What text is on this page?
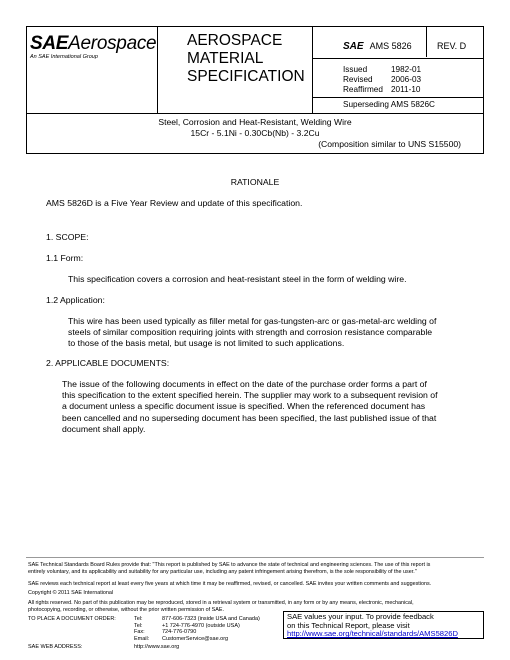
SAEAerospace
An SAE International Group
AEROSPACE
MATERIAL
SPECIFICATION
SAE AMS 5826	REV. D
Issued	1982-01
Revised	2006-03
Reaffirmed	2011-10
Superseding AMS 5826C
Steel, Corrosion and Heat-Resistant, Welding Wire
15Cr - 5.1Ni - 0.30Cb(Nb) - 3.2Cu
(Composition similar to UNS S15500)
RATIONALE
AMS 5826D is a Five Year Review and update of this specification.
1. SCOPE:
1.1 Form:
This specification covers a corrosion and heat-resistant steel in the form of welding wire.
1.2 Application:
This wire has been used typically as filler metal for gas-tungsten-arc or gas-metal-arc welding of
steels of similar composition requiring joints with strength and corrosion resistance comparable
to those of the basis metal, but usage is not limited to such applications.
2. APPLICABLE DOCUMENTS:
The issue of the following documents in effect on the date of the purchase order forms a part of
this specification to the extent specified herein. The supplier may work to a subsequent revision of
a document unless a specific document issue is specified. When the referenced document has
been cancelled and no superseding document has been specified, the last published issue of that
document shall apply.
SAE Technical Standards Board Rules provide that: "This report is published by SAE to advance the state of technical and engineering sciences. The use of this report is
entirely voluntary, and its applicability and suitability for any particular use, including any patent infringement arising therefrom, is the sole responsibility of the user."
SAE reviews each technical report at least every five years at which time it may be reaffirmed, revised, or cancelled. SAE invites your written comments and suggestions.
Copyright © 2011 SAE International
All rights reserved. No part of this publication may be reproduced, stored in a retrieval system or transmitted, in any form or by any means, electronic, mechanical,
photocopying, recording, or otherwise, without the prior written permission of SAE.
TO PLACE A DOCUMENT ORDER:	Tel:	877-606-7323 (inside USA and Canada)
	Tel:	+1 724-776-4970 (outside USA)
	Fax:	724-776-0790
	Email:	CustomerService@sae.org
SAE WEB ADDRESS:	http://www.sae.org
SAE values your input. To provide feedback
on this Technical Report, please visit
http://www.sae.org/technical/standards/AMS5826D
